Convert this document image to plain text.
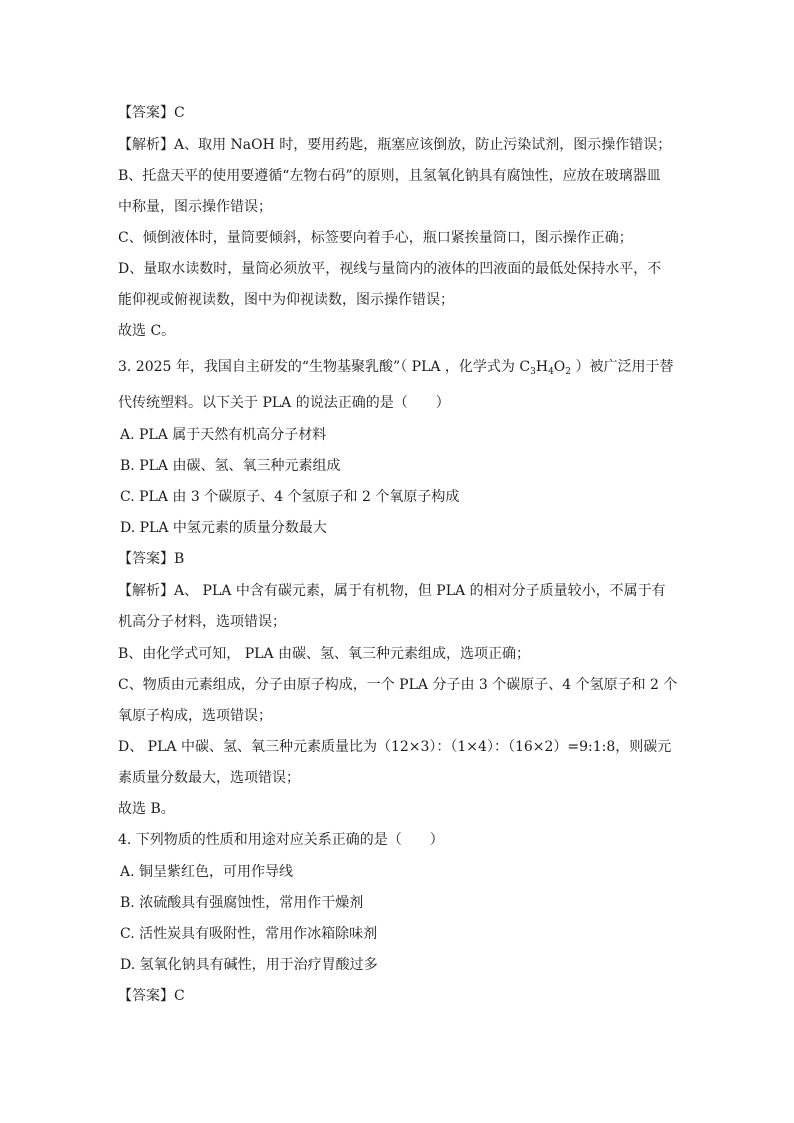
【答案】C
【解析】A、取用 NaOH 时，要用药匙，瓶塞应该倒放，防止污染试剂，图示操作错误；
B、托盘天平的使用要遵循“左物右码”的原则，且氢氧化钠具有腐蚀性，应放在玻璃器皿
中称量，图示操作错误；
C、倾倒液体时，量筒要倾斜，标签要向着手心，瓶口紧挨量筒口，图示操作正确；
D、量取水读数时，量筒必须放平，视线与量筒内的液体的凹液面的最低处保持水平，不
能仰视或俯视读数，图中为仰视读数，图示操作错误；
故选 C。
3. 2025 年，我国自主研发的“生物基聚乳酸”（ PLA ，化学式为 $C_3H_4O_2$ ）被广泛用于替
代传统塑料。以下关于 PLA 的说法正确的是（　　）
A. PLA 属于天然有机高分子材料
B. PLA 由碳、氢、氧三种元素组成
C. PLA 由 3 个碳原子、4 个氢原子和 2 个氧原子构成
D. PLA 中氢元素的质量分数最大
【答案】B
【解析】A、 PLA 中含有碳元素，属于有机物，但 PLA 的相对分子质量较小，不属于有
机高分子材料，选项错误；
B、由化学式可知， PLA 由碳、氢、氧三种元素组成，选项正确；
C、物质由元素组成，分子由原子构成，一个 PLA 分子由 3 个碳原子、4 个氢原子和 2 个
氧原子构成，选项错误；
D、 PLA 中碳、氢、氧三种元素质量比为（12×3）：（1×4）：（16×2）=9:1:8，则碳元
素质量分数最大，选项错误；
故选 B。
4. 下列物质的性质和用途对应关系正确的是（　　）
A. 铜呈紫红色，可用作导线
B. 浓硫酸具有强腐蚀性，常用作干燥剂
C. 活性炭具有吸附性，常用作冰箱除味剂
D. 氢氧化钠具有碱性，用于治疗胃酸过多
【答案】C
